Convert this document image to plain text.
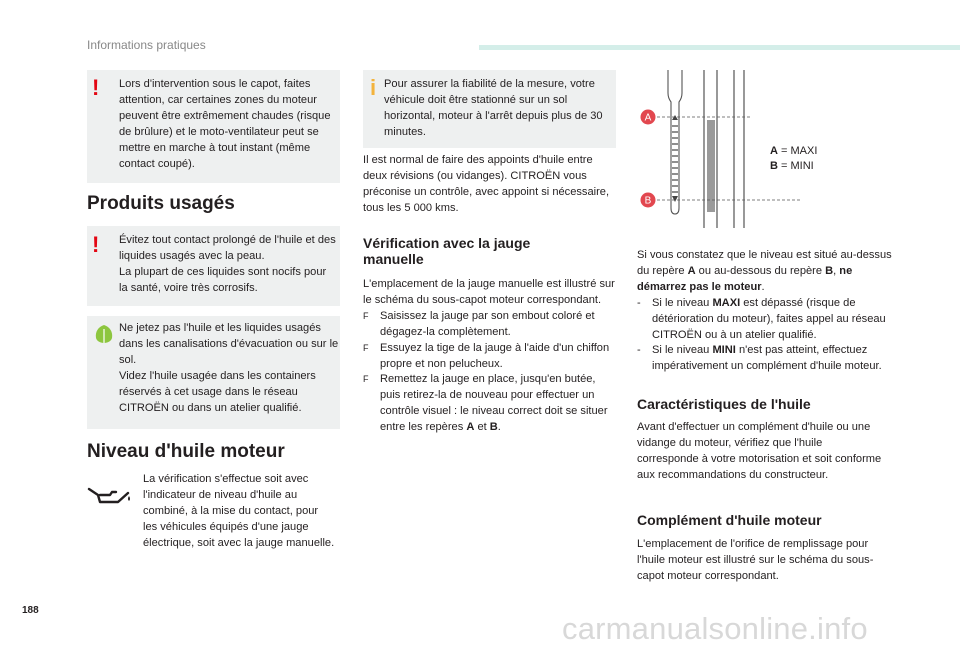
Informations pratiques
! Lors d'intervention sous le capot, faites attention, car certaines zones du moteur peuvent être extrêmement chaudes (risque de brûlure) et le moto-ventilateur peut se mettre en marche à tout instant (même contact coupé).
Produits usagés
! Évitez tout contact prolongé de l'huile et des liquides usagés avec la peau.

La plupart de ces liquides sont nocifs pour la santé, voire très corrosifs.

Ne jetez pas l'huile et les liquides usagés dans les canalisations d'évacuation ou sur le sol.

Videz l'huile usagée dans les containers réservés à cet usage dans le réseau CITROËN ou dans un atelier qualifié.

Niveau d'huile moteur
La vérification s'effectue soit avec l'indicateur de niveau d'huile au combiné, à la mise du contact, pour les véhicules équipés d'une jauge électrique, soit avec la jauge manuelle.
i Pour assurer la fiabilité de la mesure, votre véhicule doit être stationné sur un sol horizontal, moteur à l'arrêt depuis plus de 30 minutes.
Il est normal de faire des appoints d'huile entre deux révisions (ou vidanges). CITROËN vous préconise un contrôle, avec appoint si nécessaire, tous les 5 000 kms.
Vérification avec la jauge manuelle

L'emplacement de la jauge manuelle est illustré sur le schéma du sous-capot moteur correspondant.

F Saisissez la jauge par son embout coloré et dégagez-la complètement.
F Essuyez la tige de la jauge à l'aide d'un chiffon propre et non pelucheux.
F Remettez la jauge en place, jusqu'en butée, puis retirez-la de nouveau pour effectuer un contrôle visuel : le niveau correct doit se situer entre les repères A et B.
A
B
A = MAXI
B = MINI

Si vous constatez que le niveau est situé au-dessus du repère A ou au-dessous du repère B, ne démarrez pas le moteur.

- Si le niveau MAXI est dépassé (risque de détérioration du moteur), faites appel au réseau CITROËN ou à un atelier qualifié.
- Si le niveau MINI n'est pas atteint, effectuez impérativement un complément d'huile moteur.
Caractéristiques de l'huile
Avant d'effectuer un complément d'huile ou une vidange du moteur, vérifiez que l'huile corresponde à votre motorisation et soit conforme aux recommandations du constructeur.
Complément d'huile moteur
L'emplacement de l'orifice de remplissage pour l'huile moteur est illustré sur le schéma du sous-capot moteur correspondant.
188
carmanualsonline.info
